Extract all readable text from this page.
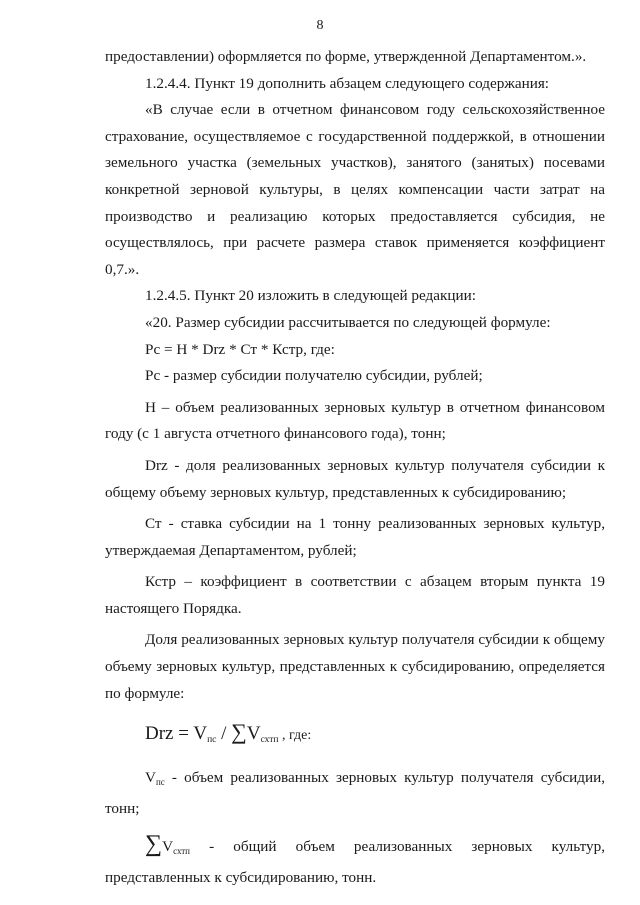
8

предоставлении) оформляется по форме, утвержденной Департаментом.».

1.2.4.4. Пункт 19 дополнить абзацем следующего содержания:

«В случае если в отчетном финансовом году сельскохозяйственное страхование, осуществляемое с государственной поддержкой, в отношении земельного участка (земельных участков), занятого (занятых) посевами конкретной зерновой культуры, в целях компенсации части затрат на производство и реализацию которых предоставляется субсидия, не осуществлялось, при расчете размера ставок применяется коэффициент 0,7.».

1.2.4.5. Пункт 20 изложить в следующей редакции:

«20. Размер субсидии рассчитывается по следующей формуле:

Рс = Н * Drz * Ст * Кстр, где:

Рс - размер субсидии получателю субсидии, рублей;

Н – объем реализованных зерновых культур в отчетном финансовом году (с 1 августа отчетного финансового года), тонн;

Drz - доля реализованных зерновых культур получателя субсидии к общему объему зерновых культур, представленных к субсидированию;

Ст - ставка субсидии на 1 тонну реализованных зерновых культур, утверждаемая Департаментом, рублей;

Кстр – коэффициент в соответствии с абзацем вторым пункта 19 настоящего Порядка.

Доля реализованных зерновых культур получателя субсидии к общему объему зерновых культур, представленных к субсидированию, определяется по формуле:

Drz = $V_{пс} / \sum V_{схтп}$ , где:

$V_{пс}$ - объем реализованных зерновых культур получателя субсидии, тонн;

$\sum V_{схтп}$ - общий объем реализованных зерновых культур, представленных к субсидированию, тонн.
